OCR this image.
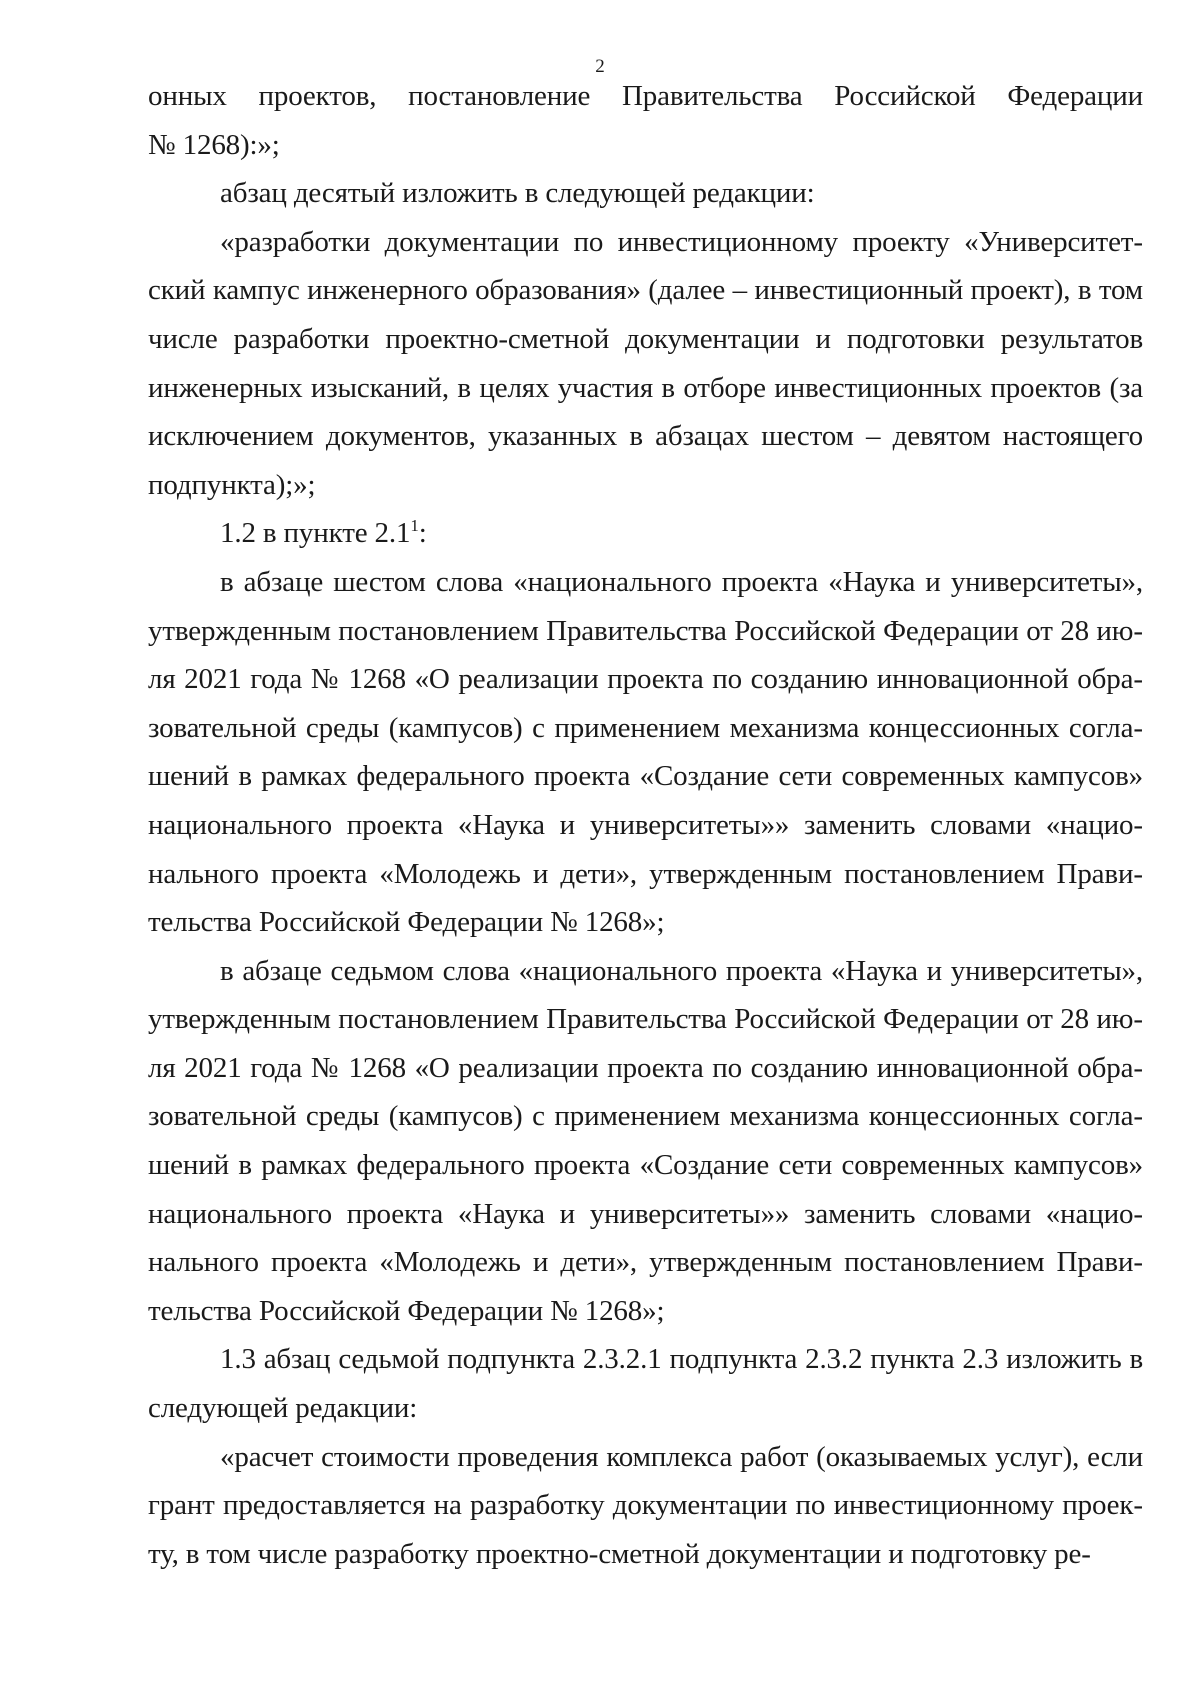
2
онных проектов, постановление Правительства Российской Федерации
№ 1268):»;

абзац десятый изложить в следующей редакции:

«разработки документации по инвестиционному проекту «Университетский кампус инженерного образования» (далее – инвестиционный проект), в том числе разработки проектно-сметной документации и подготовки результатов инженерных изысканий, в целях участия в отборе инвестиционных проектов (за исключением документов, указанных в абзацах шестом – девятом настоящего подпункта);»;

1.2 в пункте $2.1^1$:

в абзаце шестом слова «национального проекта «Наука и университеты», утвержденным постановлением Правительства Российской Федерации от 28 июля 2021 года № 1268 «О реализации проекта по созданию инновационной образовательной среды (кампусов) с применением механизма концессионных соглашений в рамках федерального проекта «Создание сети современных кампусов» национального проекта «Наука и университеты»» заменить словами «национального проекта «Молодежь и дети», утвержденным постановлением Правительства Российской Федерации № 1268»;

в абзаце седьмом слова «национального проекта «Наука и университеты», утвержденным постановлением Правительства Российской Федерации от 28 июля 2021 года № 1268 «О реализации проекта по созданию инновационной образовательной среды (кампусов) с применением механизма концессионных соглашений в рамках федерального проекта «Создание сети современных кампусов» национального проекта «Наука и университеты»» заменить словами «национального проекта «Молодежь и дети», утвержденным постановлением Правительства Российской Федерации № 1268»;

1.3 абзац седьмой подпункта 2.3.2.1 подпункта 2.3.2 пункта 2.3 изложить в следующей редакции:

«расчет стоимости проведения комплекса работ (оказываемых услуг), если грант предоставляется на разработку документации по инвестиционному проекту, в том числе разработку проектно-сметной документации и подготовку ре-
